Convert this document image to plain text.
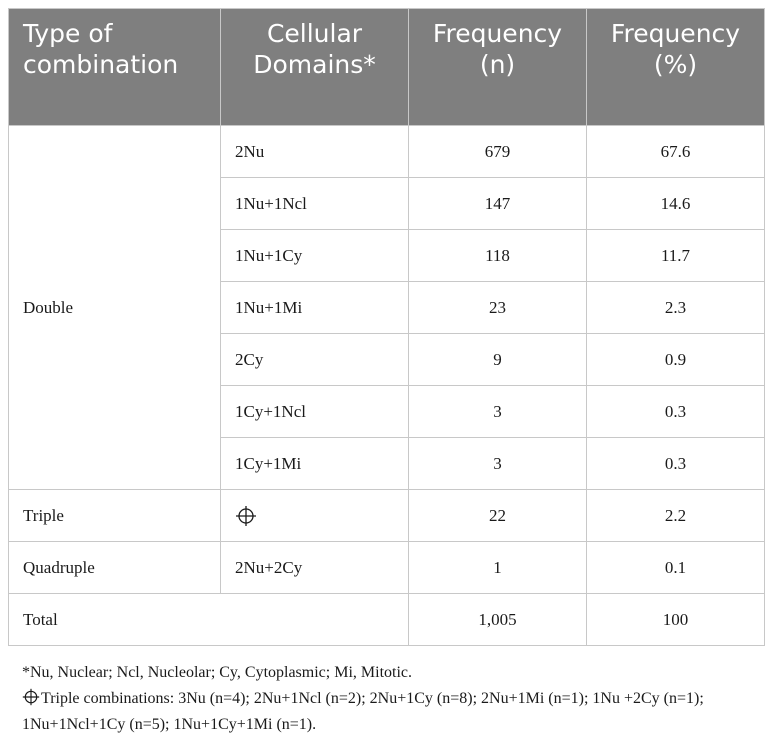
Type of combination	Cellular Domains*	Frequency (n)	Frequency (%)
Double	2Nu	679	67.6
	1Nu+1Ncl	147	14.6
	1Nu+1Cy	118	11.7
	1Nu+1Mi	23	2.3
	2Cy	9	0.9
	1Cy+1Ncl	3	0.3
	1Cy+1Mi	3	0.3
Triple		22	2.2
Quadruple	2Nu+2Cy	1	0.1
Total		1,005	100

*Nu, Nuclear; Ncl, Nucleolar; Cy, Cytoplasmic; Mi, Mitotic.

Triple combinations: 3Nu (n=4); 2Nu+1Ncl (n=2); 2Nu+1Cy (n=8); 2Nu+1Mi (n=1); 1Nu +2Cy (n=1); 1Nu+1Ncl+1Cy (n=5); 1Nu+1Cy+1Mi (n=1).
